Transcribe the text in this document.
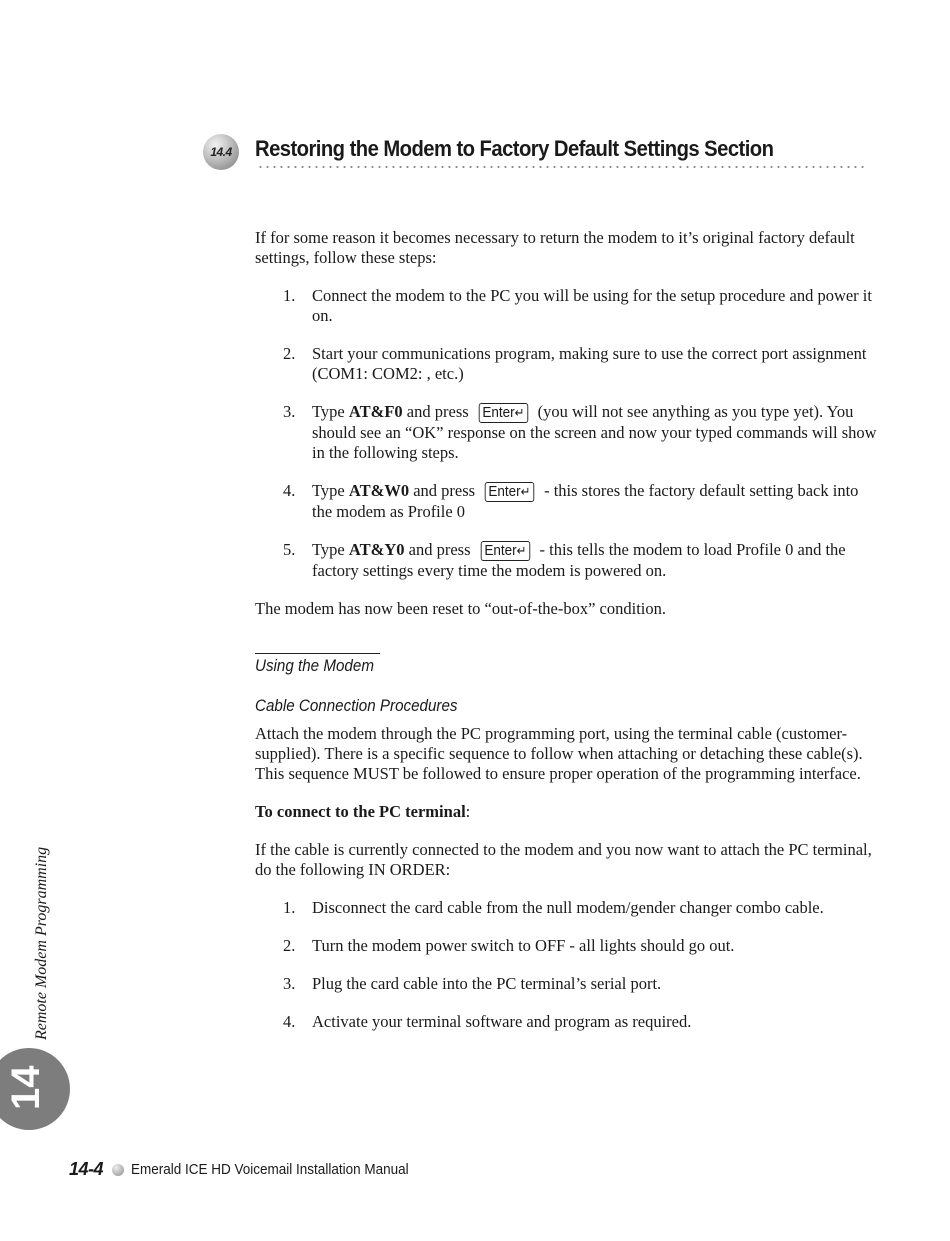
14.4 Restoring the Modem to Factory Default Settings Section

If for some reason it becomes necessary to return the modem to it’s original factory default settings, follow these steps:

1. Connect the modem to the PC you will be using for the setup procedure and power it on.
2. Start your communications program, making sure to use the correct port assignment (COM1: COM2: , etc.)
3. Type AT&F0 and press Enter↵ (you will not see anything as you type yet). You should see an “OK” response on the screen and now your typed commands will show in the following steps.
4. Type AT&W0 and press Enter↵ - this stores the factory default setting back into the modem as Profile 0
5. Type AT&Y0 and press Enter↵ - this tells the modem to load Profile 0 and the factory settings every time the modem is powered on.

The modem has now been reset to “out-of-the-box” condition.

Using the Modem
Cable Connection Procedures

Attach the modem through the PC programming port, using the terminal cable (customer-supplied). There is a specific sequence to follow when attaching or detaching these cable(s). This sequence MUST be followed to ensure proper operation of the programming interface.

To connect to the PC terminal:

If the cable is currently connected to the modem and you now want to attach the PC terminal, do the following IN ORDER:

1. Disconnect the card cable from the null modem/gender changer combo cable.
2. Turn the modem power switch to OFF - all lights should go out.
3. Plug the card cable into the PC terminal’s serial port.
4. Activate your terminal software and program as required.
Remote Modem Programming
14
14-4 Emerald ICE HD Voicemail Installation Manual
